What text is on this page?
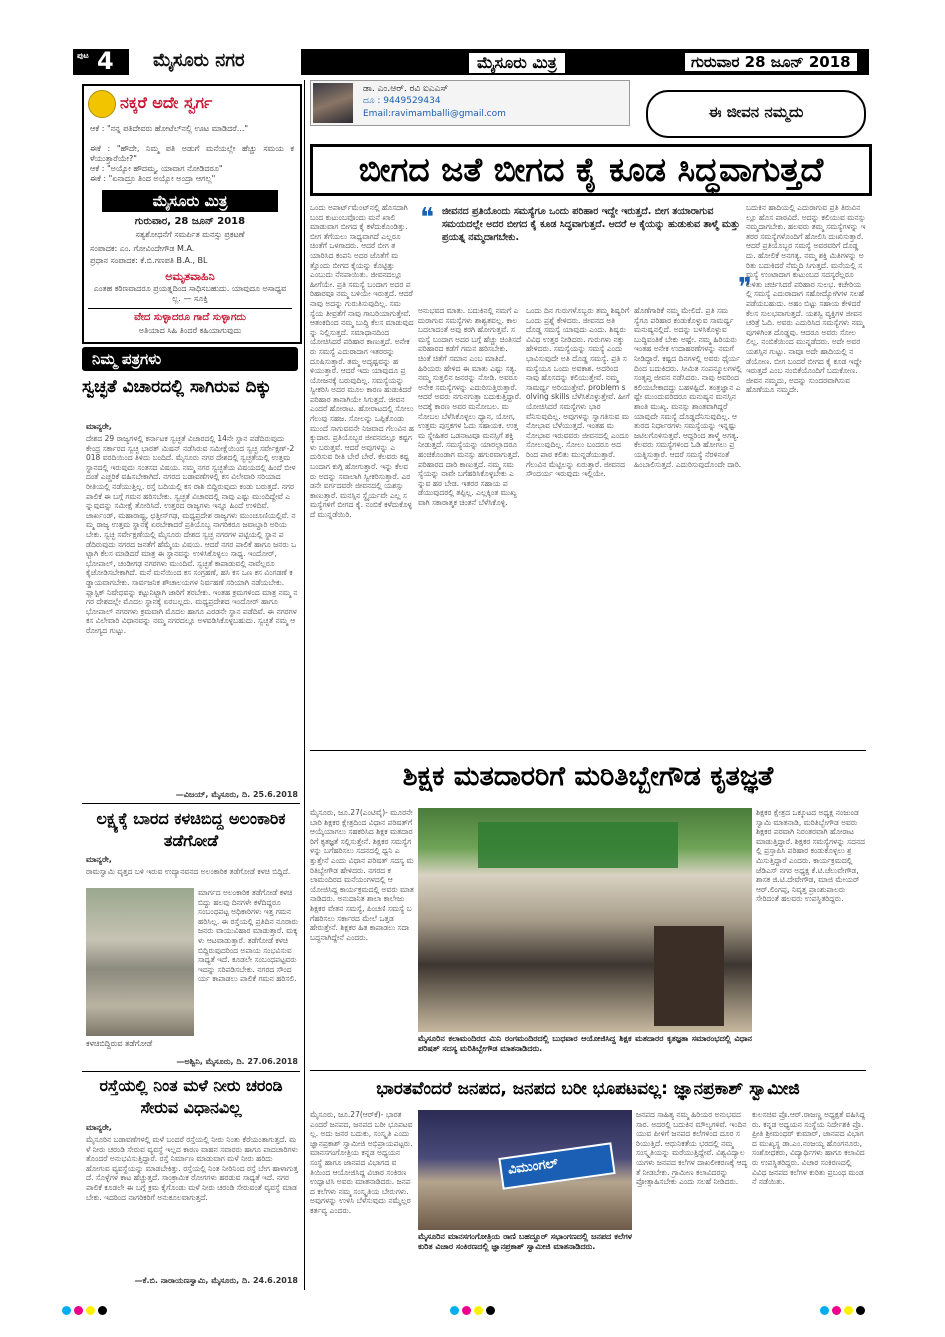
ಪುಟ 4 ಮೈಸೂರು ನಗರ	ಮೈಸೂರು ಮಿತ್ರ	ಗುರುವಾರ 28 ಜೂನ್ 2018
ನಕ್ಕರೆ ಅದೇ ಸ್ವರ್ಗ
ಆಕೆ : "ನನ್ನ ಪತಿದೇವರು ಹೋಟೆಲ್‌ನಲ್ಲಿ ಊಟ ಮಾಡಿದರೆ..."
ಈಕೆ : "ಹೌದೇ, ನಿಮ್ಮ ಪತಿ ಅಡುಗೆ ಮನೆಯಲ್ಲೇ ಹೆಚ್ಚು ಸಮಯ ಕಳೆಯುತ್ತಾರೆಯೇ?"
ಆಕೆ : "ಅಯ್ಯೋ ಹೌದಮ್ಮ, ಯಾವಾಗ ನೋಡಿದರೂ"
ಈಕೆ : "ಏನಾದ್ರೂ ತಿಂದ ಅಯ್ಯೋ ಅಂದ್ರಾ ಆಗಲ್ಲ"
ಮೈಸೂರು ಮಿತ್ರ
ಗುರುವಾರ, 28 ಜೂನ್ 2018
ಸತ್ಯಶೋಧನೆಗೆ ಸಮರ್ಪಿತ ಮನಸ್ಸು ಪ್ರಕಟಣೆ
ಸಂಪಾದಕ: ಎಂ. ಗೋವಿಂದೇಗೌಡ M.A.
ಪ್ರಧಾನ ಸಂಪಾದಕ: ಕೆ.ಬಿ.ಗಣಪತಿ B.A., BL
ಅಮೃತವಾಹಿನಿ
ಎಂತಹ ಕಠಿಣವಾದರೂ ಪ್ರಯತ್ನದಿಂದ ಸಾಧಿಸಬಹುದು. ಯಾವುದೂ ಅಸಾಧ್ಯವಲ್ಲ. — ಸೂಕ್ತಿ
ವೇದ ಸುಳ್ಳಾದರೂ ಗಾದೆ ಸುಳ್ಳಾಗದು
ಅತಿಯಾದ ಸಿಹಿ ತಿಂದರೆ ಕಹಿಯಾಗುವುದು
ನಿಮ್ಮ ಪತ್ರಗಳು
ಸ್ವಚ್ಛತೆ ವಿಚಾರದಲ್ಲಿ ಸಾಗಿರುವ ದಿಕ್ಕು
ಮಾನ್ಯರೇ,
ದೇಶದ 29 ರಾಜ್ಯಗಳಲ್ಲಿ ಕರ್ನಾಟಕ ಸ್ವಚ್ಛತೆ ವಿಚಾರದಲ್ಲಿ 14ನೇ ಸ್ಥಾನ ಪಡೆದಿರುವುದು ಕೇಂದ್ರ ಸರ್ಕಾರದ ಸ್ವಚ್ಛ ಭಾರತ್ ಮಿಷನ್ ನಡೆಸಿರುವ ಸಮೀಕ್ಷೆಯಿಂದ ಸ್ವಚ್ಛ ಸರ್ವೇಕ್ಷಣ್-2018 ವರದಿಯಿಂದ ತಿಳಿದು ಬಂದಿದೆ. ಮೈಸೂರು ನಗರ ದೇಶದಲ್ಲಿ ಸ್ವಚ್ಛತೆಯಲ್ಲಿ ಉತ್ತಮ ಸ್ಥಾನದಲ್ಲಿ ಇರುವುದು ಸಂತಸದ ವಿಷಯ. ನಮ್ಮ ನಗರ ಸ್ವಚ್ಛತೆಯ ವಿಷಯದಲ್ಲಿ ಹಿಂದೆ ಬೀಳದಂತೆ ಎಚ್ಚರಿಕೆ ವಹಿಸಬೇಕಾಗಿದೆ. ನಗರದ ಬಡಾವಣೆಗಳಲ್ಲಿ ಕಸ ವಿಲೇವಾರಿ ಸರಿಯಾದ ರೀತಿಯಲ್ಲಿ ನಡೆಯುತ್ತಿಲ್ಲ. ರಸ್ತೆ ಬದಿಯಲ್ಲಿ ಕಸ ರಾಶಿ ಬಿದ್ದಿರುವುದು ಕಂಡು ಬರುತ್ತದೆ. ನಗರ ಪಾಲಿಕೆ ಈ ಬಗ್ಗೆ ಗಮನ ಹರಿಸಬೇಕು. ಸ್ವಚ್ಛತೆ ವಿಚಾರದಲ್ಲಿ ನಾವು ಎಷ್ಟು ಮುಂದಿದ್ದೇವೆ ಎನ್ನುವುದನ್ನು ಸಮೀಕ್ಷೆ ತೋರಿಸಿದೆ. ಉತ್ತರದ ರಾಜ್ಯಗಳು ಇನ್ನೂ ಹಿಂದೆ ಉಳಿದಿವೆ. ಜಾರ್ಖಂಡ್, ಮಹಾರಾಷ್ಟ್ರ, ಛತ್ತೀಸ್‌ಗಢ, ಮಧ್ಯಪ್ರದೇಶ ರಾಜ್ಯಗಳು ಮುಂಚೂಣಿಯಲ್ಲಿವೆ. ನಮ್ಮ ರಾಜ್ಯ ಉತ್ತಮ ಸ್ಥಾನಕ್ಕೆ ಏರಬೇಕಾದರೆ ಪ್ರತಿಯೊಬ್ಬ ನಾಗರಿಕರೂ ಜವಾಬ್ದಾರಿ ಅರಿಯಬೇಕು. ಸ್ವಚ್ಛ ಸರ್ವೇಕ್ಷಣೆಯಲ್ಲಿ ಮೈಸೂರು ದೇಶದ ಸ್ವಚ್ಛ ನಗರಗಳ ಪಟ್ಟಿಯಲ್ಲಿ ಸ್ಥಾನ ಪಡೆದಿರುವುದು ನಗರದ ಜನತೆಗೆ ಹೆಮ್ಮೆಯ ವಿಷಯ. ಆದರೆ ನಗರ ಪಾಲಿಕೆ ಹಾಗೂ ಜನರು ಒಟ್ಟಾಗಿ ಕೆಲಸ ಮಾಡಿದರೆ ಮಾತ್ರ ಈ ಸ್ಥಾನವನ್ನು ಉಳಿಸಿಕೊಳ್ಳಲು ಸಾಧ್ಯ. ಇಂದೋರ್, ಭೋಪಾಲ್, ಚಂಡೀಗಢ ನಗರಗಳು ಮುಂದಿವೆ. ಸ್ವಚ್ಛತೆ ಕಾಪಾಡುವಲ್ಲಿ ನಾವೆಲ್ಲರೂ ಕೈಜೋಡಿಸಬೇಕಾಗಿದೆ. ಮನೆ ಮನೆಯಿಂದ ಕಸ ಸಂಗ್ರಹಣೆ, ಹಸಿ ಕಸ ಒಣ ಕಸ ವಿಂಗಡಣೆ ಕಡ್ಡಾಯವಾಗಬೇಕು. ಸಾರ್ವಜನಿಕ ಶೌಚಾಲಯಗಳ ನಿರ್ವಹಣೆ ಸರಿಯಾಗಿ ನಡೆಯಬೇಕು. ಪ್ಲಾಸ್ಟಿಕ್ ನಿಷೇಧವನ್ನು ಕಟ್ಟುನಿಟ್ಟಾಗಿ ಜಾರಿಗೆ ತರಬೇಕು. ಇಂತಹ ಕ್ರಮಗಳಿಂದ ಮಾತ್ರ ನಮ್ಮ ನಗರ ದೇಶದಲ್ಲೇ ಮೊದಲ ಸ್ಥಾನಕ್ಕೆ ಏರಬಲ್ಲದು. ಮಧ್ಯಪ್ರದೇಶದ ಇಂದೋರ್ ಹಾಗೂ ಭೋಪಾಲ್ ನಗರಗಳು ಕ್ರಮವಾಗಿ ಮೊದಲ ಹಾಗೂ ಎರಡನೇ ಸ್ಥಾನ ಪಡೆದಿವೆ. ಈ ನಗರಗಳ ಕಸ ವಿಲೇವಾರಿ ವಿಧಾನವನ್ನು ನಮ್ಮ ನಗರದಲ್ಲೂ ಅಳವಡಿಸಿಕೊಳ್ಳಬಹುದು. ಸ್ವಚ್ಛತೆ ನಮ್ಮ ಆರೋಗ್ಯದ ಗುಟ್ಟು.
—ವಿಜಯ್, ಮೈಸೂರು, ದಿ. 25.6.2018
ಲಕ್ಷ್ಯಕ್ಕೆ ಬಾರದ ಕಳಚಿಬಿದ್ದ ಅಲಂಕಾರಿಕ ತಡೆಗೋಡೆ
ಮಾನ್ಯರೇ,
ರಾಮಸ್ವಾಮಿ ವೃತ್ತದ ಬಳಿ ಇರುವ ಉದ್ಯಾನವನದ ಅಲಂಕಾರಿಕ ತಡೆಗೋಡೆ ಕಳಚಿ ಬಿದ್ದಿದೆ.
ಮಾರ್ಗದ ಅಲಂಕಾರಿಕ ತಡೆಗೋಡೆ ಕಳಚಿ ಬಿದ್ದು ಹಲವು ದಿನಗಳೇ ಕಳೆದಿದ್ದರೂ ಸಂಬಂಧಪಟ್ಟ ಅಧಿಕಾರಿಗಳು ಇತ್ತ ಗಮನ ಹರಿಸಿಲ್ಲ. ಈ ರಸ್ತೆಯಲ್ಲಿ ಪ್ರತಿದಿನ ನೂರಾರು ಜನರು ವಾಯುವಿಹಾರ ಮಾಡುತ್ತಾರೆ. ಮಕ್ಕಳು ಆಟವಾಡುತ್ತಾರೆ. ತಡೆಗೋಡೆ ಕಳಚಿ ಬಿದ್ದಿರುವುದರಿಂದ ಅಪಾಯ ಸಂಭವಿಸುವ ಸಾಧ್ಯತೆ ಇದೆ. ಕೂಡಲೇ ಸಂಬಂಧಪಟ್ಟವರು ಇದನ್ನು ಸರಿಪಡಿಸಬೇಕು. ನಗರದ ಸೌಂದರ್ಯ ಕಾಪಾಡಲು ಪಾಲಿಕೆ ಗಮನ ಹರಿಸಲಿ.
ಕಳಚಿಬಿದ್ದಿರುವ ತಡೆಗೋಡೆ
—ಅಶ್ವಿನಿ, ಮೈಸೂರು, ದಿ. 27.06.2018
ರಸ್ತೆಯಲ್ಲಿ ನಿಂತ ಮಳೆ ನೀರು ಚರಂಡಿ ಸೇರುವ ವಿಧಾನವಿಲ್ಲ
ಮಾನ್ಯರೇ,
ಮೈಸೂರಿನ ಬಡಾವಣೆಗಳಲ್ಲಿ ಮಳೆ ಬಂದರೆ ರಸ್ತೆಯಲ್ಲಿ ನೀರು ನಿಂತು ಕೆರೆಯಂತಾಗುತ್ತದೆ. ಮಳೆ ನೀರು ಚರಂಡಿ ಸೇರುವ ವ್ಯವಸ್ಥೆ ಇಲ್ಲದ ಕಾರಣ ವಾಹನ ಸವಾರರು ಹಾಗೂ ಪಾದಚಾರಿಗಳು ತೊಂದರೆ ಅನುಭವಿಸುತ್ತಿದ್ದಾರೆ. ರಸ್ತೆ ನಿರ್ಮಾಣ ಮಾಡುವಾಗ ಮಳೆ ನೀರು ಹರಿದು ಹೋಗುವ ವ್ಯವಸ್ಥೆಯನ್ನು ಮಾಡಬೇಕಿತ್ತು. ರಸ್ತೆಯಲ್ಲಿ ನಿಂತ ನೀರಿನಿಂದ ರಸ್ತೆ ಬೇಗ ಹಾಳಾಗುತ್ತದೆ. ಸೊಳ್ಳೆಗಳ ಕಾಟ ಹೆಚ್ಚುತ್ತದೆ. ಸಾಂಕ್ರಾಮಿಕ ರೋಗಗಳು ಹರಡುವ ಸಾಧ್ಯತೆ ಇದೆ. ನಗರ ಪಾಲಿಕೆ ಕೂಡಲೇ ಈ ಬಗ್ಗೆ ಕ್ರಮ ಕೈಗೊಂಡು ಮಳೆ ನೀರು ಚರಂಡಿ ಸೇರುವಂತೆ ವ್ಯವಸ್ಥೆ ಮಾಡಬೇಕು. ಇದರಿಂದ ನಾಗರಿಕರಿಗೆ ಅನುಕೂಲವಾಗುತ್ತದೆ.
—ಕೆ.ಬಿ. ನಾರಾಯಣಸ್ವಾಮಿ, ಮೈಸೂರು, ದಿ. 24.6.2018
ಡಾ. ಎಂ.ಆರ್. ರವಿ ಐಎಎಸ್
ದೂ : 9449529434
Email:ravimamballi@gmail.com	ಈ ಜೀವನ ನಮ್ಮದು
ಬೀಗದ ಜತೆ ಬೀಗದ ಕೈ ಕೂಡ ಸಿದ್ಧವಾಗುತ್ತದೆ
❝ ಜೀವನದ ಪ್ರತಿಯೊಂದು ಸಮಸ್ಯೆಗೂ ಒಂದು ಪರಿಹಾರ ಇದ್ದೇ ಇರುತ್ತದೆ. ಬೀಗ ತಯಾರಾಗುವ ಸಮಯದಲ್ಲೇ ಅದರ ಬೀಗದ ಕೈ ಕೂಡ ಸಿದ್ಧವಾಗುತ್ತದೆ. ಆದರೆ ಆ ಕೈಯನ್ನು ಹುಡುಕುವ ತಾಳ್ಮೆ ಮತ್ತು ಪ್ರಯತ್ನ ನಮ್ಮದಾಗಬೇಕು.
❞
ಒಂದು ಅಪಾರ್ಟ್‌ಮೆಂಟ್‌ನಲ್ಲಿ ಹೊಸದಾಗಿ ಬಂದ ಕುಟುಂಬವೊಂದು ಮನೆ ಖಾಲಿ ಮಾಡುವಾಗ ಬೀಗದ ಕೈ ಕಳೆದುಕೊಂಡಿತ್ತು. ಬೀಗ ತೆಗೆಯಲು ಸಾಧ್ಯವಾಗದೆ ಎಲ್ಲರೂ ಚಿಂತೆಗೆ ಒಳಗಾದರು. ಆದರೆ ಬೀಗ ತಯಾರಿಸಿದ ಕಂಪನಿ ಅದರ ಜೊತೆಗೆ ಮತ್ತೊಂದು ಬೀಗದ ಕೈಯನ್ನು ಕೊಟ್ಟಿತ್ತು ಎಂಬುದು ನೆನಪಾಯಿತು. ಜೀವನದಲ್ಲೂ ಹೀಗೆಯೇ. ಪ್ರತಿ ಸಮಸ್ಯೆ ಬಂದಾಗ ಅದರ ಪರಿಹಾರವೂ ನಮ್ಮ ಬಳಿಯೇ ಇರುತ್ತದೆ. ಆದರೆ ನಾವು ಅದನ್ನು ಗುರುತಿಸುವುದಿಲ್ಲ. ಸಮಸ್ಯೆಯ ತೀವ್ರತೆಗೆ ನಾವು ಗಾಬರಿಯಾಗುತ್ತೇವೆ. ಆತಂಕದಿಂದ ನಮ್ಮ ಬುದ್ಧಿ ಕೆಲಸ ಮಾಡುವುದನ್ನು ನಿಲ್ಲಿಸುತ್ತದೆ. ಸಮಾಧಾನದಿಂದ ಯೋಚಿಸಿದರೆ ಪರಿಹಾರ ಕಾಣುತ್ತದೆ. ಅನೇಕರು ಸಮಸ್ಯೆ ಎದುರಾದಾಗ ಇತರರನ್ನು ದೂಷಿಸುತ್ತಾರೆ. ತಮ್ಮ ಅದೃಷ್ಟವನ್ನು ಹಳಿಯುತ್ತಾರೆ. ಆದರೆ ಇದು ಯಾವುದೂ ಪ್ರಯೋಜನಕ್ಕೆ ಬರುವುದಿಲ್ಲ. ಸಮಸ್ಯೆಯನ್ನು ಸ್ವೀಕರಿಸಿ ಅದರ ಮೂಲ ಕಾರಣ ಹುಡುಕಿದರೆ ಪರಿಹಾರ ತಾನಾಗಿಯೇ ಸಿಗುತ್ತದೆ. ಜೀವನ ಎಂದರೆ ಹೋರಾಟ. ಹೋರಾಟದಲ್ಲಿ ಸೋಲು ಗೆಲುವು ಸಹಜ. ಸೋಲನ್ನು ಒಪ್ಪಿಕೊಂಡು ಮುಂದೆ ಸಾಗುವವನೇ ನಿಜವಾದ ಗೆಲುವಿನ ಹಕ್ಕುದಾರ. ಪ್ರತಿಯೊಬ್ಬರ ಜೀವನದಲ್ಲೂ ಕಷ್ಟಗಳು ಬರುತ್ತವೆ. ಆದರೆ ಅವುಗಳನ್ನು ಎದುರಿಸುವ ರೀತಿ ಬೇರೆ ಬೇರೆ. ಕೆಲವರು ಕಷ್ಟ ಬಂದಾಗ ಕುಗ್ಗಿ ಹೋಗುತ್ತಾರೆ. ಇನ್ನು ಕೆಲವರು ಅದನ್ನು ಸವಾಲಾಗಿ ಸ್ವೀಕರಿಸುತ್ತಾರೆ. ಎರಡನೇ ವರ್ಗದವರೇ ಜೀವನದಲ್ಲಿ ಯಶಸ್ಸು ಕಾಣುತ್ತಾರೆ. ಮನಸ್ಸಿನ ಸ್ಥೈರ್ಯವೇ ಎಲ್ಲ ಸಮಸ್ಯೆಗಳಿಗೆ ಬೀಗದ ಕೈ. ನಂಬಿಕೆ ಕಳೆದುಕೊಳ್ಳದೆ ಮುನ್ನಡೆಯಿರಿ.
ಅನುಭವದ ಮಾತು. ಬದುಕಿನಲ್ಲಿ ನಮಗೆ ಎದುರಾಗುವ ಸಮಸ್ಯೆಗಳು ಶಾಶ್ವತವಲ್ಲ. ಕಾಲ ಬದಲಾದಂತೆ ಅವು ಕರಗಿ ಹೋಗುತ್ತವೆ. ಸಮಸ್ಯೆ ಬಂದಾಗ ಅದರ ಬಗ್ಗೆ ಹೆಚ್ಚು ಚಿಂತಿಸದೆ ಪರಿಹಾರದ ಕಡೆಗೆ ಗಮನ ಹರಿಸಬೇಕು. ಚಿಂತೆ ಚಿತೆಗೆ ಸಮಾನ ಎಂಬ ಮಾತಿದೆ. ಹಿರಿಯರು ಹೇಳಿದ ಈ ಮಾತು ಎಷ್ಟು ಸತ್ಯ. ನಮ್ಮ ಸುತ್ತಲಿನ ಜನರನ್ನು ನೋಡಿ. ಅವರೂ ಅನೇಕ ಸಮಸ್ಯೆಗಳನ್ನು ಎದುರಿಸುತ್ತಿರುತ್ತಾರೆ. ಆದರೆ ಅವರು ನಗುನಗುತ್ತಾ ಬದುಕುತ್ತಿದ್ದಾರೆ. ಅದಕ್ಕೆ ಕಾರಣ ಅವರ ಮನೋಬಲ. ಮನೋಬಲ ಬೆಳೆಸಿಕೊಳ್ಳಲು ಧ್ಯಾನ, ಯೋಗ, ಉತ್ತಮ ಪುಸ್ತಕಗಳ ಓದು ಸಹಾಯಕ. ಉತ್ತಮ ಸ್ನೇಹಿತರ ಒಡನಾಟವೂ ಮನಸ್ಸಿಗೆ ಶಕ್ತಿ ನೀಡುತ್ತದೆ. ಸಮಸ್ಯೆಯನ್ನು ಯಾರಲ್ಲಾದರೂ ಹಂಚಿಕೊಂಡಾಗ ಮನಸ್ಸು ಹಗುರವಾಗುತ್ತದೆ. ಪರಿಹಾರದ ದಾರಿ ಕಾಣುತ್ತದೆ. ನಮ್ಮ ಸಮಸ್ಯೆಯನ್ನು ನಾವೇ ಬಗೆಹರಿಸಿಕೊಳ್ಳಬೇಕು ಎನ್ನುವ ಹಠ ಬೇಡ. ಇತರರ ಸಹಾಯ ಪಡೆಯುವುದರಲ್ಲಿ ತಪ್ಪಿಲ್ಲ. ಎಲ್ಲಕ್ಕಿಂತ ಮುಖ್ಯವಾಗಿ ಸಕಾರಾತ್ಮಕ ಚಿಂತನೆ ಬೆಳೆಸಿಕೊಳ್ಳಿ.
ಒಂದು ದಿನ ಗುರುಗಳೊಬ್ಬರು ತಮ್ಮ ಶಿಷ್ಯರಿಗೆ ಒಂದು ಪ್ರಶ್ನೆ ಕೇಳಿದರು. ಜೀವನದ ಅತಿ ದೊಡ್ಡ ಸಮಸ್ಯೆ ಯಾವುದು ಎಂದು. ಶಿಷ್ಯರು ವಿವಿಧ ಉತ್ತರ ನೀಡಿದರು. ಗುರುಗಳು ನಕ್ಕು ಹೇಳಿದರು. ಸಮಸ್ಯೆಯನ್ನು ಸಮಸ್ಯೆ ಎಂದು ಭಾವಿಸುವುದೇ ಅತಿ ದೊಡ್ಡ ಸಮಸ್ಯೆ. ಪ್ರತಿ ಸಮಸ್ಯೆಯೂ ಒಂದು ಅವಕಾಶ. ಅದರಿಂದ ನಾವು ಹೊಸದನ್ನು ಕಲಿಯುತ್ತೇವೆ. ನಮ್ಮ ಸಾಮರ್ಥ್ಯ ಅರಿಯುತ್ತೇವೆ. problem solving skills ಬೆಳೆಸಿಕೊಳ್ಳುತ್ತೇವೆ. ಹೀಗೆ ಯೋಚಿಸಿದರೆ ಸಮಸ್ಯೆಗಳು ಭಾರವೆನಿಸುವುದಿಲ್ಲ. ಅವುಗಳನ್ನು ಸ್ವಾಗತಿಸುವ ಮನೋಭಾವ ಬೆಳೆಯುತ್ತದೆ. ಇಂತಹ ಮನೋಭಾವ ಇರುವವರು ಜೀವನದಲ್ಲಿ ಎಂದೂ ಸೋಲುವುದಿಲ್ಲ. ಸೋಲು ಬಂದರೂ ಅದರಿಂದ ಪಾಠ ಕಲಿತು ಮುನ್ನಡೆಯುತ್ತಾರೆ. ಗೆಲುವಿನ ಮೆಟ್ಟಿಲನ್ನು ಏರುತ್ತಾರೆ. ಜೀವನದ ಸೌಂದರ್ಯ ಇರುವುದು ಇಲ್ಲಿಯೇ.
ಹೊಣೆಗಾರಿಕೆ ನಮ್ಮ ಮೇಲಿದೆ. ಪ್ರತಿ ಸಮಸ್ಯೆಗೂ ಪರಿಹಾರ ಕಂಡುಕೊಳ್ಳುವ ಸಾಮರ್ಥ್ಯ ಮನುಷ್ಯನಲ್ಲಿದೆ. ಅದನ್ನು ಬಳಸಿಕೊಳ್ಳುವ ಬುದ್ಧಿವಂತಿಕೆ ಬೇಕು ಅಷ್ಟೇ. ನಮ್ಮ ಹಿರಿಯರು ಇಂತಹ ಅನೇಕ ಉದಾಹರಣೆಗಳನ್ನು ನಮಗೆ ನೀಡಿದ್ದಾರೆ. ಕಷ್ಟದ ದಿನಗಳಲ್ಲಿ ಅವರು ಧೈರ್ಯದಿಂದ ಬದುಕಿದರು. ಸೀಮಿತ ಸಂಪನ್ಮೂಲಗಳಲ್ಲಿ ಸಂತೃಪ್ತ ಜೀವನ ನಡೆಸಿದರು. ನಾವು ಅವರಿಂದ ಕಲಿಯಬೇಕಾದದ್ದು ಬಹಳಷ್ಟಿದೆ. ತಂತ್ರಜ್ಞಾನ ಎಷ್ಟೇ ಮುಂದುವರಿದರೂ ಮನುಷ್ಯನ ಮನಸ್ಸಿನ ಶಾಂತಿ ಮುಖ್ಯ. ಮನಸ್ಸು ಶಾಂತವಾಗಿದ್ದರೆ ಯಾವುದೇ ಸಮಸ್ಯೆ ದೊಡ್ಡದೆನಿಸುವುದಿಲ್ಲ. ಆತುರದ ನಿರ್ಧಾರಗಳು ಸಮಸ್ಯೆಯನ್ನು ಇನ್ನಷ್ಟು ಜಟಿಲಗೊಳಿಸುತ್ತವೆ. ಆದ್ದರಿಂದ ತಾಳ್ಮೆ ಅಗತ್ಯ. ಕೆಲವರು ಸಮಸ್ಯೆಗಳಿಂದ ಓಡಿ ಹೋಗಲು ಪ್ರಯತ್ನಿಸುತ್ತಾರೆ. ಆದರೆ ಸಮಸ್ಯೆ ನೆರಳಿನಂತೆ ಹಿಂಬಾಲಿಸುತ್ತದೆ. ಎದುರಿಸುವುದೊಂದೇ ದಾರಿ.
ಬದುಕಿನ ಹಾದಿಯಲ್ಲಿ ಎದುರಾಗುವ ಪ್ರತಿ ತಿರುವಿನಲ್ಲೂ ಹೊಸ ಪಾಠವಿದೆ. ಅದನ್ನು ಕಲಿಯುವ ಮನಸ್ಸು ನಮ್ಮದಾಗಬೇಕು. ಹಲವರು ತಮ್ಮ ಸಮಸ್ಯೆಗಳನ್ನು ಇತರರ ಸಮಸ್ಯೆಗಳೊಂದಿಗೆ ಹೋಲಿಸಿ ದುಃಖಿಸುತ್ತಾರೆ. ಆದರೆ ಪ್ರತಿಯೊಬ್ಬರ ಸಮಸ್ಯೆ ಅವರವರಿಗೆ ದೊಡ್ಡದು. ಹೋಲಿಕೆ ಅನಗತ್ಯ. ನಮ್ಮ ಶಕ್ತಿ ಮಿತಿಗಳನ್ನು ಅರಿತು ಬದುಕಿದರೆ ನೆಮ್ಮದಿ ಸಿಗುತ್ತದೆ. ಮನೆಯಲ್ಲಿ ಸಮಸ್ಯೆ ಉಂಟಾದಾಗ ಕುಟುಂಬದ ಸದಸ್ಯರೆಲ್ಲರೂ ಕುಳಿತು ಚರ್ಚಿಸಿದರೆ ಪರಿಹಾರ ಸುಲಭ. ಕಚೇರಿಯಲ್ಲಿ ಸಮಸ್ಯೆ ಎದುರಾದಾಗ ಸಹೋದ್ಯೋಗಿಗಳ ಸಲಹೆ ಪಡೆಯಬಹುದು. ಅಹಂ ಬಿಟ್ಟು ಸಹಾಯ ಕೇಳಿದರೆ ಕೆಲಸ ಸುಲಭವಾಗುತ್ತದೆ. ಯಶಸ್ವಿ ವ್ಯಕ್ತಿಗಳ ಜೀವನ ಚರಿತ್ರೆ ಓದಿ. ಅವರು ಎದುರಿಸಿದ ಸಮಸ್ಯೆಗಳು ನಮ್ಮವುಗಳಿಗಿಂತ ದೊಡ್ಡವು. ಆದರೂ ಅವರು ಸೋಲಲಿಲ್ಲ. ನಂಬಿಕೆಯಿಂದ ಮುನ್ನಡೆದರು. ಅದೇ ಅವರ ಯಶಸ್ಸಿನ ಗುಟ್ಟು. ನಾವೂ ಅದೇ ಹಾದಿಯಲ್ಲಿ ನಡೆಯೋಣ. ಬೀಗ ಬಂದರೆ ಬೀಗದ ಕೈ ಕೂಡ ಇದ್ದೇ ಇರುತ್ತದೆ ಎಂಬ ನಂಬಿಕೆಯೊಂದಿಗೆ ಬದುಕೋಣ. ಜೀವನ ನಮ್ಮದು, ಅದನ್ನು ಸುಂದರವಾಗಿಸುವ ಹೊಣೆಯೂ ನಮ್ಮದೇ.
ಶಿಕ್ಷಕ ಮತದಾರರಿಗೆ ಮರಿತಿಬ್ಬೇಗೌಡ ಕೃತಜ್ಞತೆ
ಮೈಸೂರು, ಜೂ.27(ಎಂಟಿವೈ)- ಮೂರನೇ ಬಾರಿ ಶಿಕ್ಷಕರ ಕ್ಷೇತ್ರದಿಂದ ವಿಧಾನ ಪರಿಷತ್‌ಗೆ ಆಯ್ಕೆಯಾಗಲು ಸಹಕರಿಸಿದ ಶಿಕ್ಷಕ ಮತದಾರರಿಗೆ ಕೃತಜ್ಞತೆ ಸಲ್ಲಿಸುತ್ತೇನೆ. ಶಿಕ್ಷಕರ ಸಮಸ್ಯೆಗಳನ್ನು ಬಗೆಹರಿಸಲು ಸದನದಲ್ಲಿ ಧ್ವನಿ ಎತ್ತುತ್ತೇನೆ ಎಂದು ವಿಧಾನ ಪರಿಷತ್ ಸದಸ್ಯ ಮರಿತಿಬ್ಬೇಗೌಡ ಹೇಳಿದರು. ನಗರದ ಕಲಾಮಂದಿರದ ಮನೆಯಂಗಳದಲ್ಲಿ ಆಯೋಜಿಸಿದ್ದ ಕಾರ್ಯಕ್ರಮದಲ್ಲಿ ಅವರು ಮಾತನಾಡಿದರು. ಅನುದಾನಿತ ಶಾಲಾ ಕಾಲೇಜು ಶಿಕ್ಷಕರ ವೇತನ ಸಮಸ್ಯೆ, ಪಿಂಚಣಿ ಸಮಸ್ಯೆ ಬಗೆಹರಿಸಲು ಸರ್ಕಾರದ ಮೇಲೆ ಒತ್ತಡ ಹೇರುತ್ತೇನೆ. ಶಿಕ್ಷಕರ ಹಿತ ಕಾಪಾಡಲು ಸದಾ ಬದ್ಧನಾಗಿದ್ದೇನೆ ಎಂದರು.
ಮೈಸೂರಿನ ಕಲಾಮಂದಿರದ ಮಿನಿ ರಂಗಮಂದಿರದಲ್ಲಿ ಬುಧವಾರ ಆಯೋಜಿಸಿದ್ದ ಶಿಕ್ಷಕ ಮತದಾರರ ಕೃತಜ್ಞತಾ ಸಮಾರಂಭದಲ್ಲಿ ವಿಧಾನ ಪರಿಷತ್ ಸದಸ್ಯ ಮರಿತಿಬ್ಬೇಗೌಡ ಮಾತನಾಡಿದರು.
ಶಿಕ್ಷಕರ ಕ್ಷೇತ್ರದ ಒಕ್ಕೂಟದ ಅಧ್ಯಕ್ಷ ನಂಜುಂಡಸ್ವಾಮಿ ಮಾತನಾಡಿ, ಮರಿತಿಬ್ಬೇಗೌಡ ಅವರು ಶಿಕ್ಷಕರ ಪರವಾಗಿ ನಿರಂತರವಾಗಿ ಹೋರಾಟ ಮಾಡುತ್ತಿದ್ದಾರೆ. ಶಿಕ್ಷಕರ ಸಮಸ್ಯೆಗಳನ್ನು ಸದನದಲ್ಲಿ ಪ್ರಸ್ತಾಪಿಸಿ ಪರಿಹಾರ ಕಂಡುಕೊಳ್ಳಲು ಶ್ರಮಿಸುತ್ತಿದ್ದಾರೆ ಎಂದರು. ಕಾರ್ಯಕ್ರಮದಲ್ಲಿ ಜೆಡಿಎಸ್ ನಗರ ಅಧ್ಯಕ್ಷ ಕೆ.ಟಿ.ಚೆಲುವೇಗೌಡ, ಶಾಸಕ ಜಿ.ಟಿ.ದೇವೇಗೌಡ, ಮಾಜಿ ಮೇಯರ್ ಆರ್.ಲಿಂಗಪ್ಪ, ನಿವೃತ್ತ ಪ್ರಾಂಶುಪಾಲರು ಸೇರಿದಂತೆ ಹಲವರು ಉಪಸ್ಥಿತರಿದ್ದರು.
ಭಾರತವೆಂದರೆ ಜನಪದ, ಜನಪದ ಬರೀ ಭೂಪಟವಲ್ಲ: ಜ್ಞಾನಪ್ರಕಾಶ್ ಸ್ವಾಮೀಜಿ
ಮೈಸೂರು, ಜೂ.27(ಆರ್‌ಕೆ)- ಭಾರತ ಎಂದರೆ ಜನಪದ, ಜನಪದ ಬರೀ ಭೂಪಟವಲ್ಲ. ಅದು ಜನರ ಬದುಕು, ಸಂಸ್ಕೃತಿ ಎಂದು ಜ್ಞಾನಪ್ರಕಾಶ್ ಸ್ವಾಮೀಜಿ ಅಭಿಪ್ರಾಯಪಟ್ಟರು. ಮಾನಸಗಂಗೋತ್ರಿಯ ಕನ್ನಡ ಅಧ್ಯಯನ ಸಂಸ್ಥೆ ಹಾಗೂ ಜಾನಪದ ವಿಭಾಗದ ವತಿಯಿಂದ ಆಯೋಜಿಸಿದ್ದ ವಿಚಾರ ಸಂಕಿರಣ ಉದ್ಘಾಟಿಸಿ ಅವರು ಮಾತನಾಡಿದರು. ಜನಪದ ಕಲೆಗಳು ನಮ್ಮ ಸಂಸ್ಕೃತಿಯ ಬೇರುಗಳು. ಅವುಗಳನ್ನು ಉಳಿಸಿ ಬೆಳೆಸುವುದು ನಮ್ಮೆಲ್ಲರ ಕರ್ತವ್ಯ ಎಂದರು.
ವಿಮುಂಗಲ್
ಮೈಸೂರಿನ ಮಾನಸಗಂಗೋತ್ರಿಯ ರಾಣಿ ಬಹದ್ದೂರ್ ಸಭಾಂಗಣದಲ್ಲಿ ಜನಪದ ಕಲೆಗಳ ಕುರಿತ ವಿಚಾರ ಸಂಕಿರಣದಲ್ಲಿ ಜ್ಞಾನಪ್ರಕಾಶ್ ಸ್ವಾಮೀಜಿ ಮಾತನಾಡಿದರು.
ಜನಪದ ಸಾಹಿತ್ಯ ನಮ್ಮ ಹಿರಿಯರ ಅನುಭವದ ಸಾರ. ಅದರಲ್ಲಿ ಬದುಕಿನ ಮೌಲ್ಯಗಳಿವೆ. ಇಂದಿನ ಯುವ ಪೀಳಿಗೆ ಜನಪದ ಕಲೆಗಳಿಂದ ದೂರ ಸರಿಯುತ್ತಿದೆ. ಆಧುನಿಕತೆಯ ಭರದಲ್ಲಿ ನಮ್ಮ ಸಂಸ್ಕೃತಿಯನ್ನು ಮರೆಯುತ್ತಿದ್ದೇವೆ. ವಿಶ್ವವಿದ್ಯಾಲಯಗಳು ಜನಪದ ಕಲೆಗಳ ದಾಖಲೀಕರಣಕ್ಕೆ ಆದ್ಯತೆ ನೀಡಬೇಕು. ಗ್ರಾಮೀಣ ಕಲಾವಿದರನ್ನು ಪ್ರೋತ್ಸಾಹಿಸಬೇಕು ಎಂದು ಸಲಹೆ ನೀಡಿದರು.
ಕುಲಸಚಿವ ಪ್ರೊ.ಆರ್.ರಾಜಣ್ಣ ಅಧ್ಯಕ್ಷತೆ ವಹಿಸಿದ್ದರು. ಕನ್ನಡ ಅಧ್ಯಯನ ಸಂಸ್ಥೆಯ ನಿರ್ದೇಶಕಿ ಪ್ರೊ.ಪ್ರೀತಿ ಶ್ರೀಮಂಧರ್ ಕುಮಾರ್, ಜಾನಪದ ವಿಭಾಗದ ಮುಖ್ಯಸ್ಥ ಡಾ.ಎಂ.ನಂಜಯ್ಯ ಹೊಂಗನೂರು, ಸಂಶೋಧಕರು, ವಿದ್ಯಾರ್ಥಿಗಳು ಹಾಗೂ ಕಲಾವಿದರು ಉಪಸ್ಥಿತರಿದ್ದರು. ವಿಚಾರ ಸಂಕಿರಣದಲ್ಲಿ ವಿವಿಧ ಜನಪದ ಕಲೆಗಳ ಕುರಿತು ಪ್ರಬಂಧ ಮಂಡನೆ ನಡೆಯಿತು.
